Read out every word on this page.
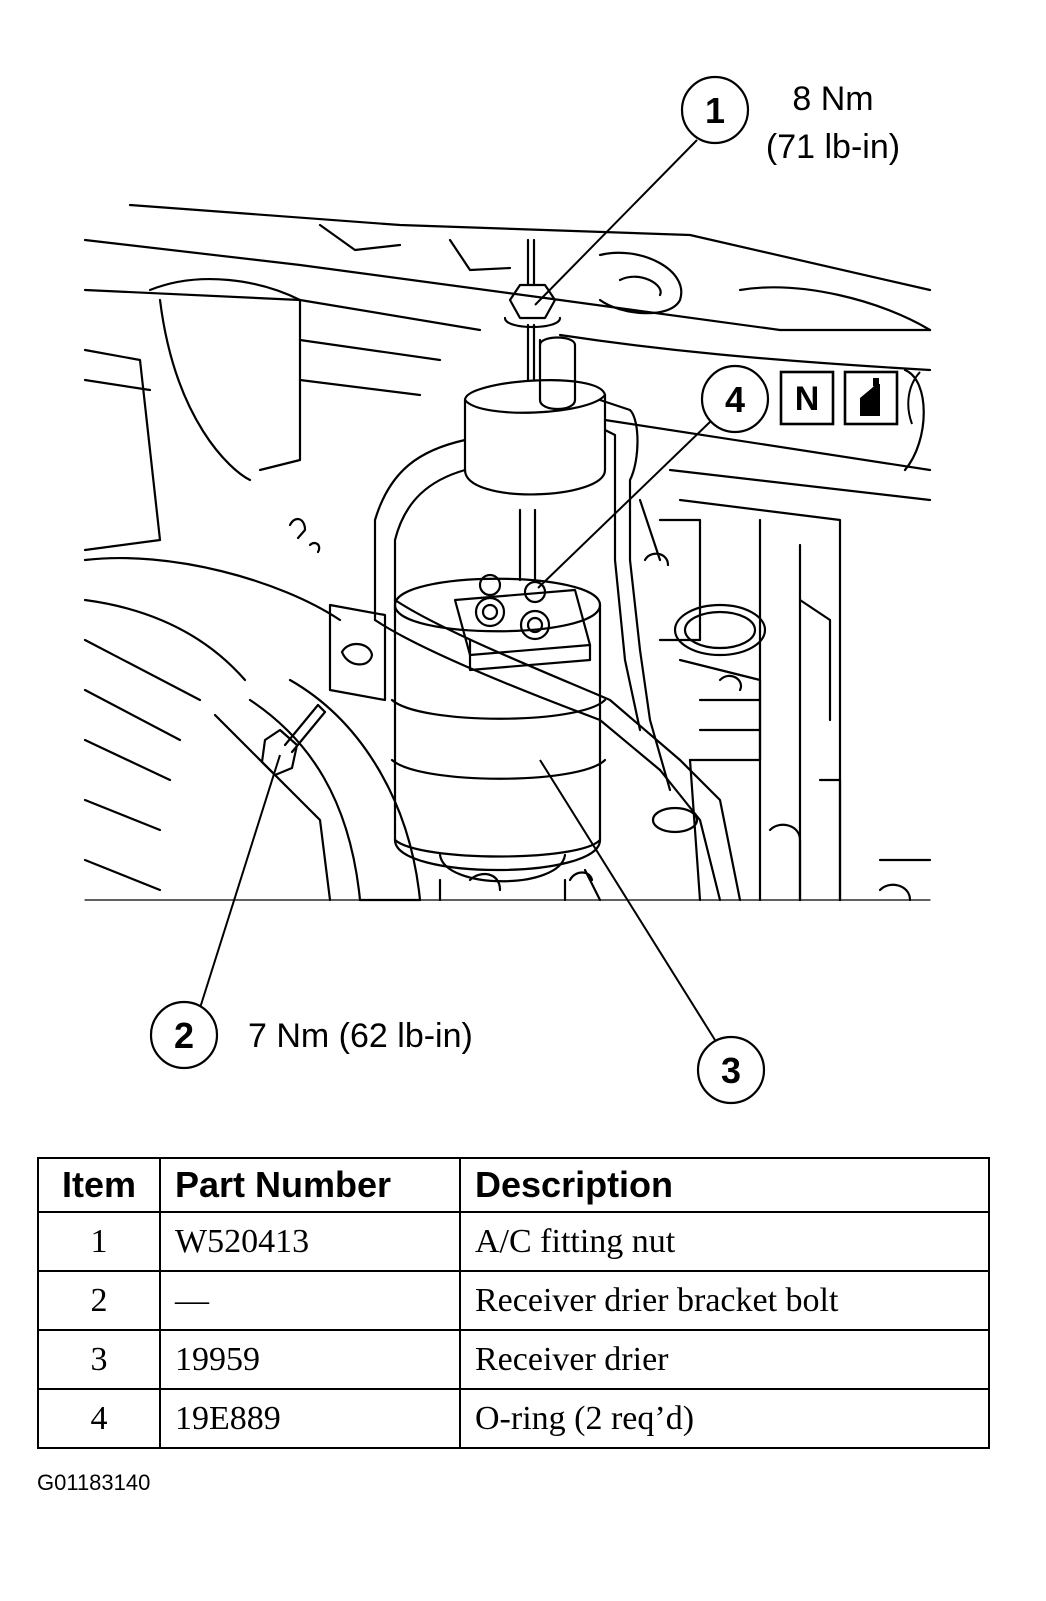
1 8 Nm
(71 lb-in)
4 N
2 7 Nm (62 lb-in)
3
Item	Part Number	Description
1	W520413	A/C fitting nut
2	—	Receiver drier bracket bolt
3	19959	Receiver drier
4	19E889	O-ring (2 req’d)
G01183140
